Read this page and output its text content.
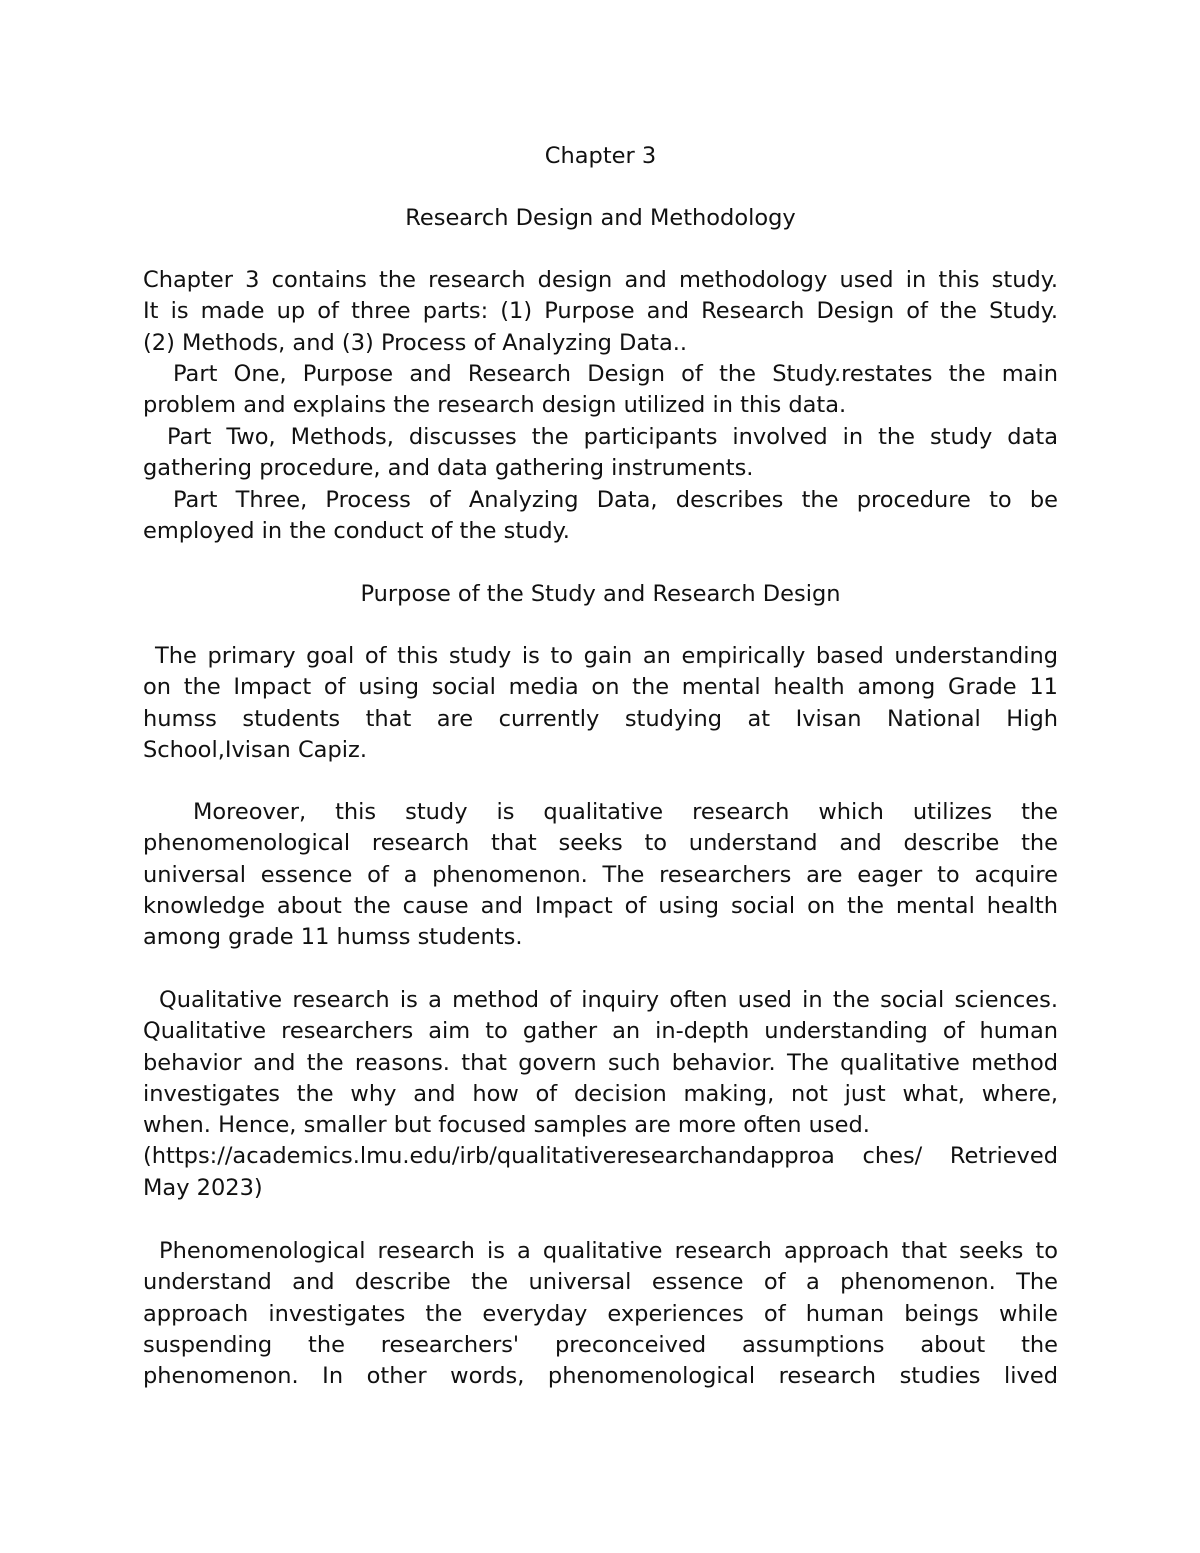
Chapter 3
Research Design and Methodology
Chapter 3 contains the research design and methodology used in this study.
It is made up of three parts: (1) Purpose and Research Design of the Study.
(2) Methods, and (3) Process of Analyzing Data..
Part One, Purpose and Research Design of the Study.restates the main
problem and explains the research design utilized in this data.
Part Two, Methods, discusses the participants involved in the study data
gathering procedure, and data gathering instruments.
Part Three, Process of Analyzing Data, describes the procedure to be
employed in the conduct of the study.
Purpose of the Study and Research Design
The primary goal of this study is to gain an empirically based understanding
on the Impact of using social media on the mental health among Grade 11
humss students that are currently studying at Ivisan National High
School,Ivisan Capiz.
Moreover, this study is qualitative research which utilizes the
phenomenological research that seeks to understand and describe the
universal essence of a phenomenon. The researchers are eager to acquire
knowledge about the cause and Impact of using social on the mental health
among grade 11 humss students.
Qualitative research is a method of inquiry often used in the social sciences.
Qualitative researchers aim to gather an in-depth understanding of human
behavior and the reasons. that govern such behavior. The qualitative method
investigates the why and how of decision making, not just what, where,
when. Hence, smaller but focused samples are more often used.
(https://academics.lmu.edu/irb/qualitativeresearchandapproa ches/ Retrieved
May 2023)
Phenomenological research is a qualitative research approach that seeks to
understand and describe the universal essence of a phenomenon. The
approach investigates the everyday experiences of human beings while
suspending the researchers' preconceived assumptions about the
phenomenon. In other words, phenomenological research studies lived
